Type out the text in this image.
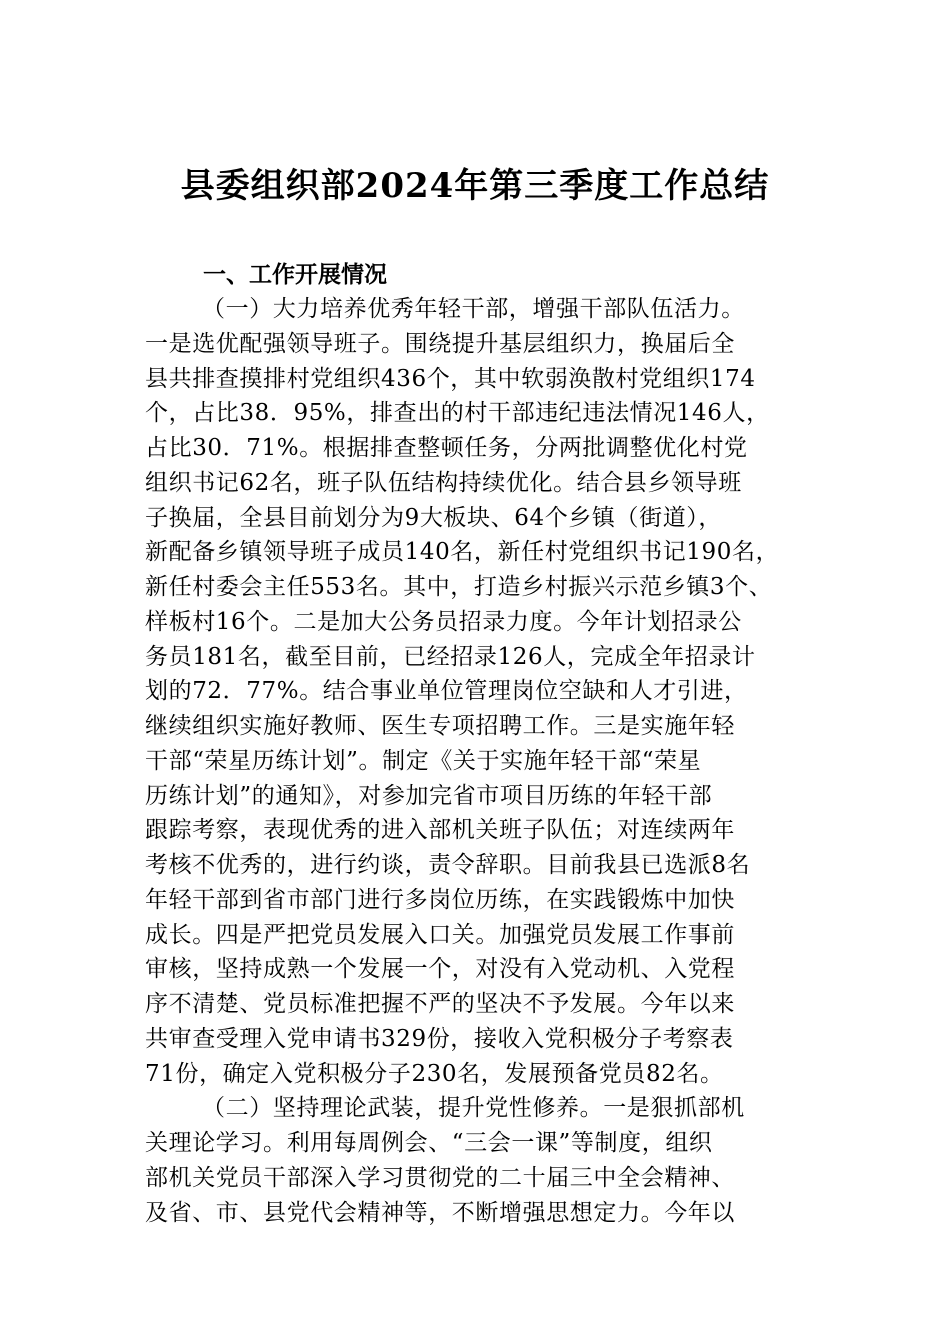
县委组织部2024年第三季度工作总结
一、工作开展情况
（一）大力培养优秀年轻干部，增强干部队伍活力。
一是选优配强领导班子。围绕提升基层组织力，换届后全
县共排查摸排村党组织436个，其中软弱涣散村党组织174
个，占比38．95%，排查出的村干部违纪违法情况146人，
占比30．71%。根据排查整顿任务，分两批调整优化村党
组织书记62名，班子队伍结构持续优化。结合县乡领导班
子换届，全县目前划分为9大板块、64个乡镇（街道），
新配备乡镇领导班子成员140名，新任村党组织书记190名，
新任村委会主任553名。其中，打造乡村振兴示范乡镇3个、
样板村16个。二是加大公务员招录力度。今年计划招录公
务员181名，截至目前，已经招录126人，完成全年招录计
划的72．77%。结合事业单位管理岗位空缺和人才引进，
继续组织实施好教师、医生专项招聘工作。三是实施年轻
干部“荣星历练计划”。制定《关于实施年轻干部“荣星
历练计划”的通知》，对参加完省市项目历练的年轻干部
跟踪考察，表现优秀的进入部机关班子队伍；对连续两年
考核不优秀的，进行约谈，责令辞职。目前我县已选派8名
年轻干部到省市部门进行多岗位历练，在实践锻炼中加快
成长。四是严把党员发展入口关。加强党员发展工作事前
审核，坚持成熟一个发展一个，对没有入党动机、入党程
序不清楚、党员标准把握不严的坚决不予发展。今年以来
共审查受理入党申请书329份，接收入党积极分子考察表
71份，确定入党积极分子230名，发展预备党员82名。
（二）坚持理论武装，提升党性修养。一是狠抓部机
关理论学习。利用每周例会、“三会一课”等制度，组织
部机关党员干部深入学习贯彻党的二十届三中全会精神、
及省、市、县党代会精神等，不断增强思想定力。今年以
